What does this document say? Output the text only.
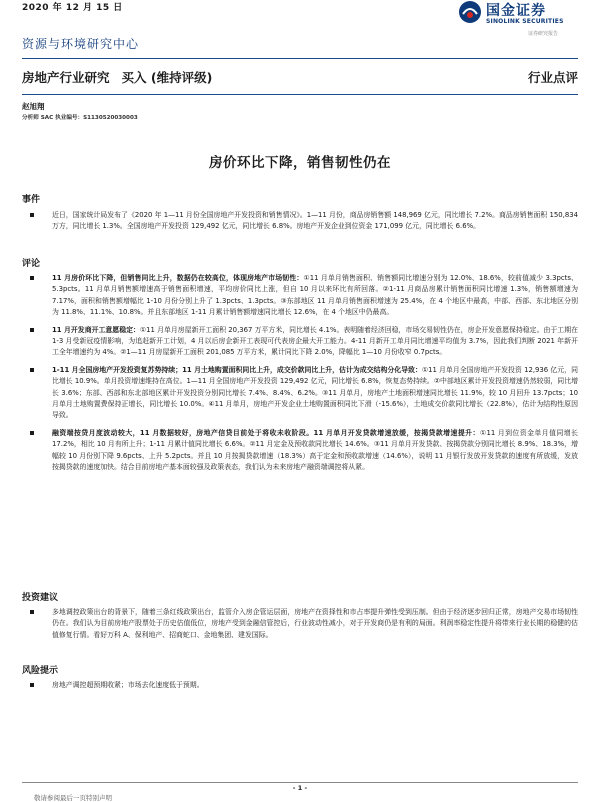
2020 年 12 月 15 日	国金证券
SINOLINK SECURITIES
证券研究报告
资源与环境研究中心
房地产行业研究 买入 (维持评级)	行业点评
赵旭翔
分析师 SAC 执业编号：S1130520030003
房价环比下降，销售韧性仍在
事件

近日，国家统计局发布了《2020 年 1—11 月份全国房地产开发投资和销售情况》。1—11 月份，商品房销售额 148,969 亿元，同比增长 7.2%。商品房销售面积 150,834 万方，同比增长 1.3%。全国房地产开发投资 129,492 亿元，同比增长 6.8%。房地产开发企业到位资金 171,099 亿元，同比增长 6.6%。

评论

11 月房价环比下降，但销售同比上升，数据仍在较高位，体现房地产市场韧性：①11 月单月销售面积、销售额同比增速分别为 12.0%、18.6%，较前值减少 3.3pcts、5.3pcts。11 月单月销售额增速高于销售面积增速，平均房价同比上涨，但自 10 月以来环比有所回落。②1-11 月商品房累计销售面积同比增速 1.3%，销售额增速为 7.17%，面积和销售额增幅比 1-10 月份分别上升了 1.3pcts、1.3pcts。③东部地区 11 月单月销售面积增速为 25.4%，在 4 个地区中最高，中部、西部、东北地区分别为 11.8%、11.1%、10.8%。并且东部地区 1-11 月累计销售额增速同比增长 12.6%，在 4 个地区中仍最高。

11 月开发商开工意愿稳定：①11 月单月房屋新开工面积 20,367 万平方米，同比增长 4.1%。表明随着经济回稳，市场交易韧性仍在，房企开发意愿保持稳定。由于工期在 1-3 月受新冠疫情影响，为追赶新开工计划，4 月以后房企新开工表现可代表房企最大开工能力。4-11 月新开工单月同比增速平均值为 3.7%，因此我们判断 2021 年新开工全年增速约为 4%。②1—11 月房屋新开工面积 201,085 万平方米，累计同比下降 2.0%，降幅比 1—10 月份收窄 0.7pcts。

1-11 月全国房地产开发投资复苏势持续；11 月土地购置面积同比上升，成交价款同比上升，估计为成交结构分化导致：①11 月单月全国房地产开发投资 12,936 亿元，同比增长 10.9%。单月投资增速维持在高位。1—11 月全国房地产开发投资 129,492 亿元，同比增长 6.8%，恢复态势持续。②中部地区累计开发投资增速仍然较弱，同比增长 3.6%；东部、西部和东北部地区累计开发投资分别同比增长 7.4%、8.4%、6.2%。③11 月单月，房地产土地面积增速同比增长 11.9%，较 10 月回升 13.7pcts；10 月单月土地购置费保持正增长，同比增长 10.0%。④11 月单月，房地产开发企业土地购置面积同比下滑（-15.6%），土地成交价款同比增长（22.8%），估计为结构性原因导致。

融资端按贷月度波动较大，11 月数据较好，房地产信贷目前处于将收未收阶段。11 月单月开发贷款增速放缓，按揭贷款增速提升：①11 月到位资金单月值同增长 17.2%，相比 10 月有所上升；1-11 月累计值同比增长 6.6%。②11 月定金及预收款同比增长 14.6%。③11 月单月开发贷款、按揭贷款分别同比增长 8.9%、18.3%，增幅较 10 月份别下降 9.6pcts、上升 5.2pcts。并且 10 月按揭贷款增速（18.3%）高于定金和预收款增速（14.6%），说明 11 月银行发放开发贷款的速度有所放缓，发放按揭贷款的速度加快。结合目前房地产基本面较强及政策表态，我们认为未来房地产融资端调控将从紧。

投资建议

多地调控政策出台的背景下，随着三条红线政策出台，监管介入房企管运层面，房地产在资择性和市占率提升弹性受到压制。但由于经济逐步回归正常，房地产交易市场韧性仍在。我们认为目前房地产股票处于历史估值低位，房地产受到金融信管控后，行业波动性减小，对于开发商仍是有利的局面。利润率稳定性提升将带来行业长期的稳健的估值修复行情。看好万科 A、保利地产、招商蛇口、金地集团、建发国际。

风险提示

房地产调控超预期收紧；市场去化速度低于预期。

- 1 -
敬请参阅最后一页特别声明
